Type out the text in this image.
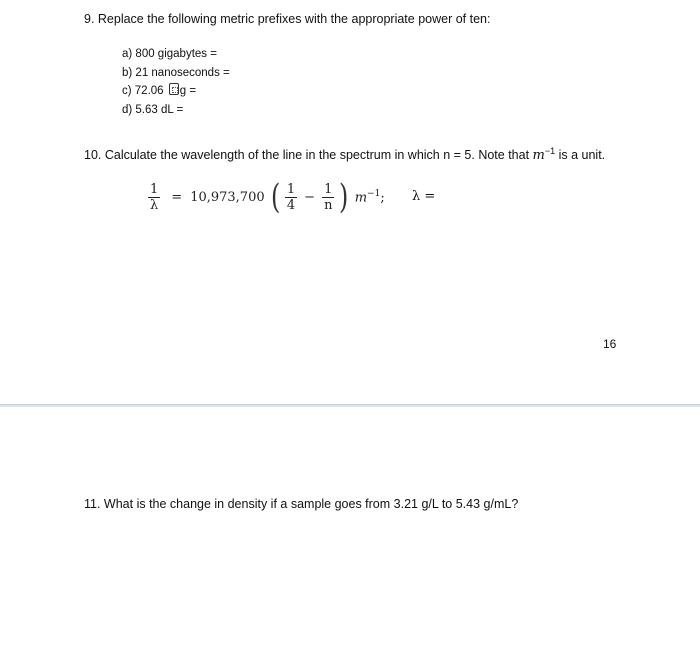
9. Replace the following metric prefixes with the appropriate power of ten:
a) 800 gigabytes =
b) 21 nanoseconds =
c) 72.06 g =
d) 5.63 dL =
10. Calculate the wavelength of the line in the spectrum in which n = 5. Note that $m^{-1}$ is a unit.
$\frac{1}{\lambda} = 10,973,700$ ( $\frac{1}{4} - \frac{1}{n}$ ) $m^{-1}$; λ =
16
11. What is the change in density if a sample goes from 3.21 g/L to 5.43 g/mL?
